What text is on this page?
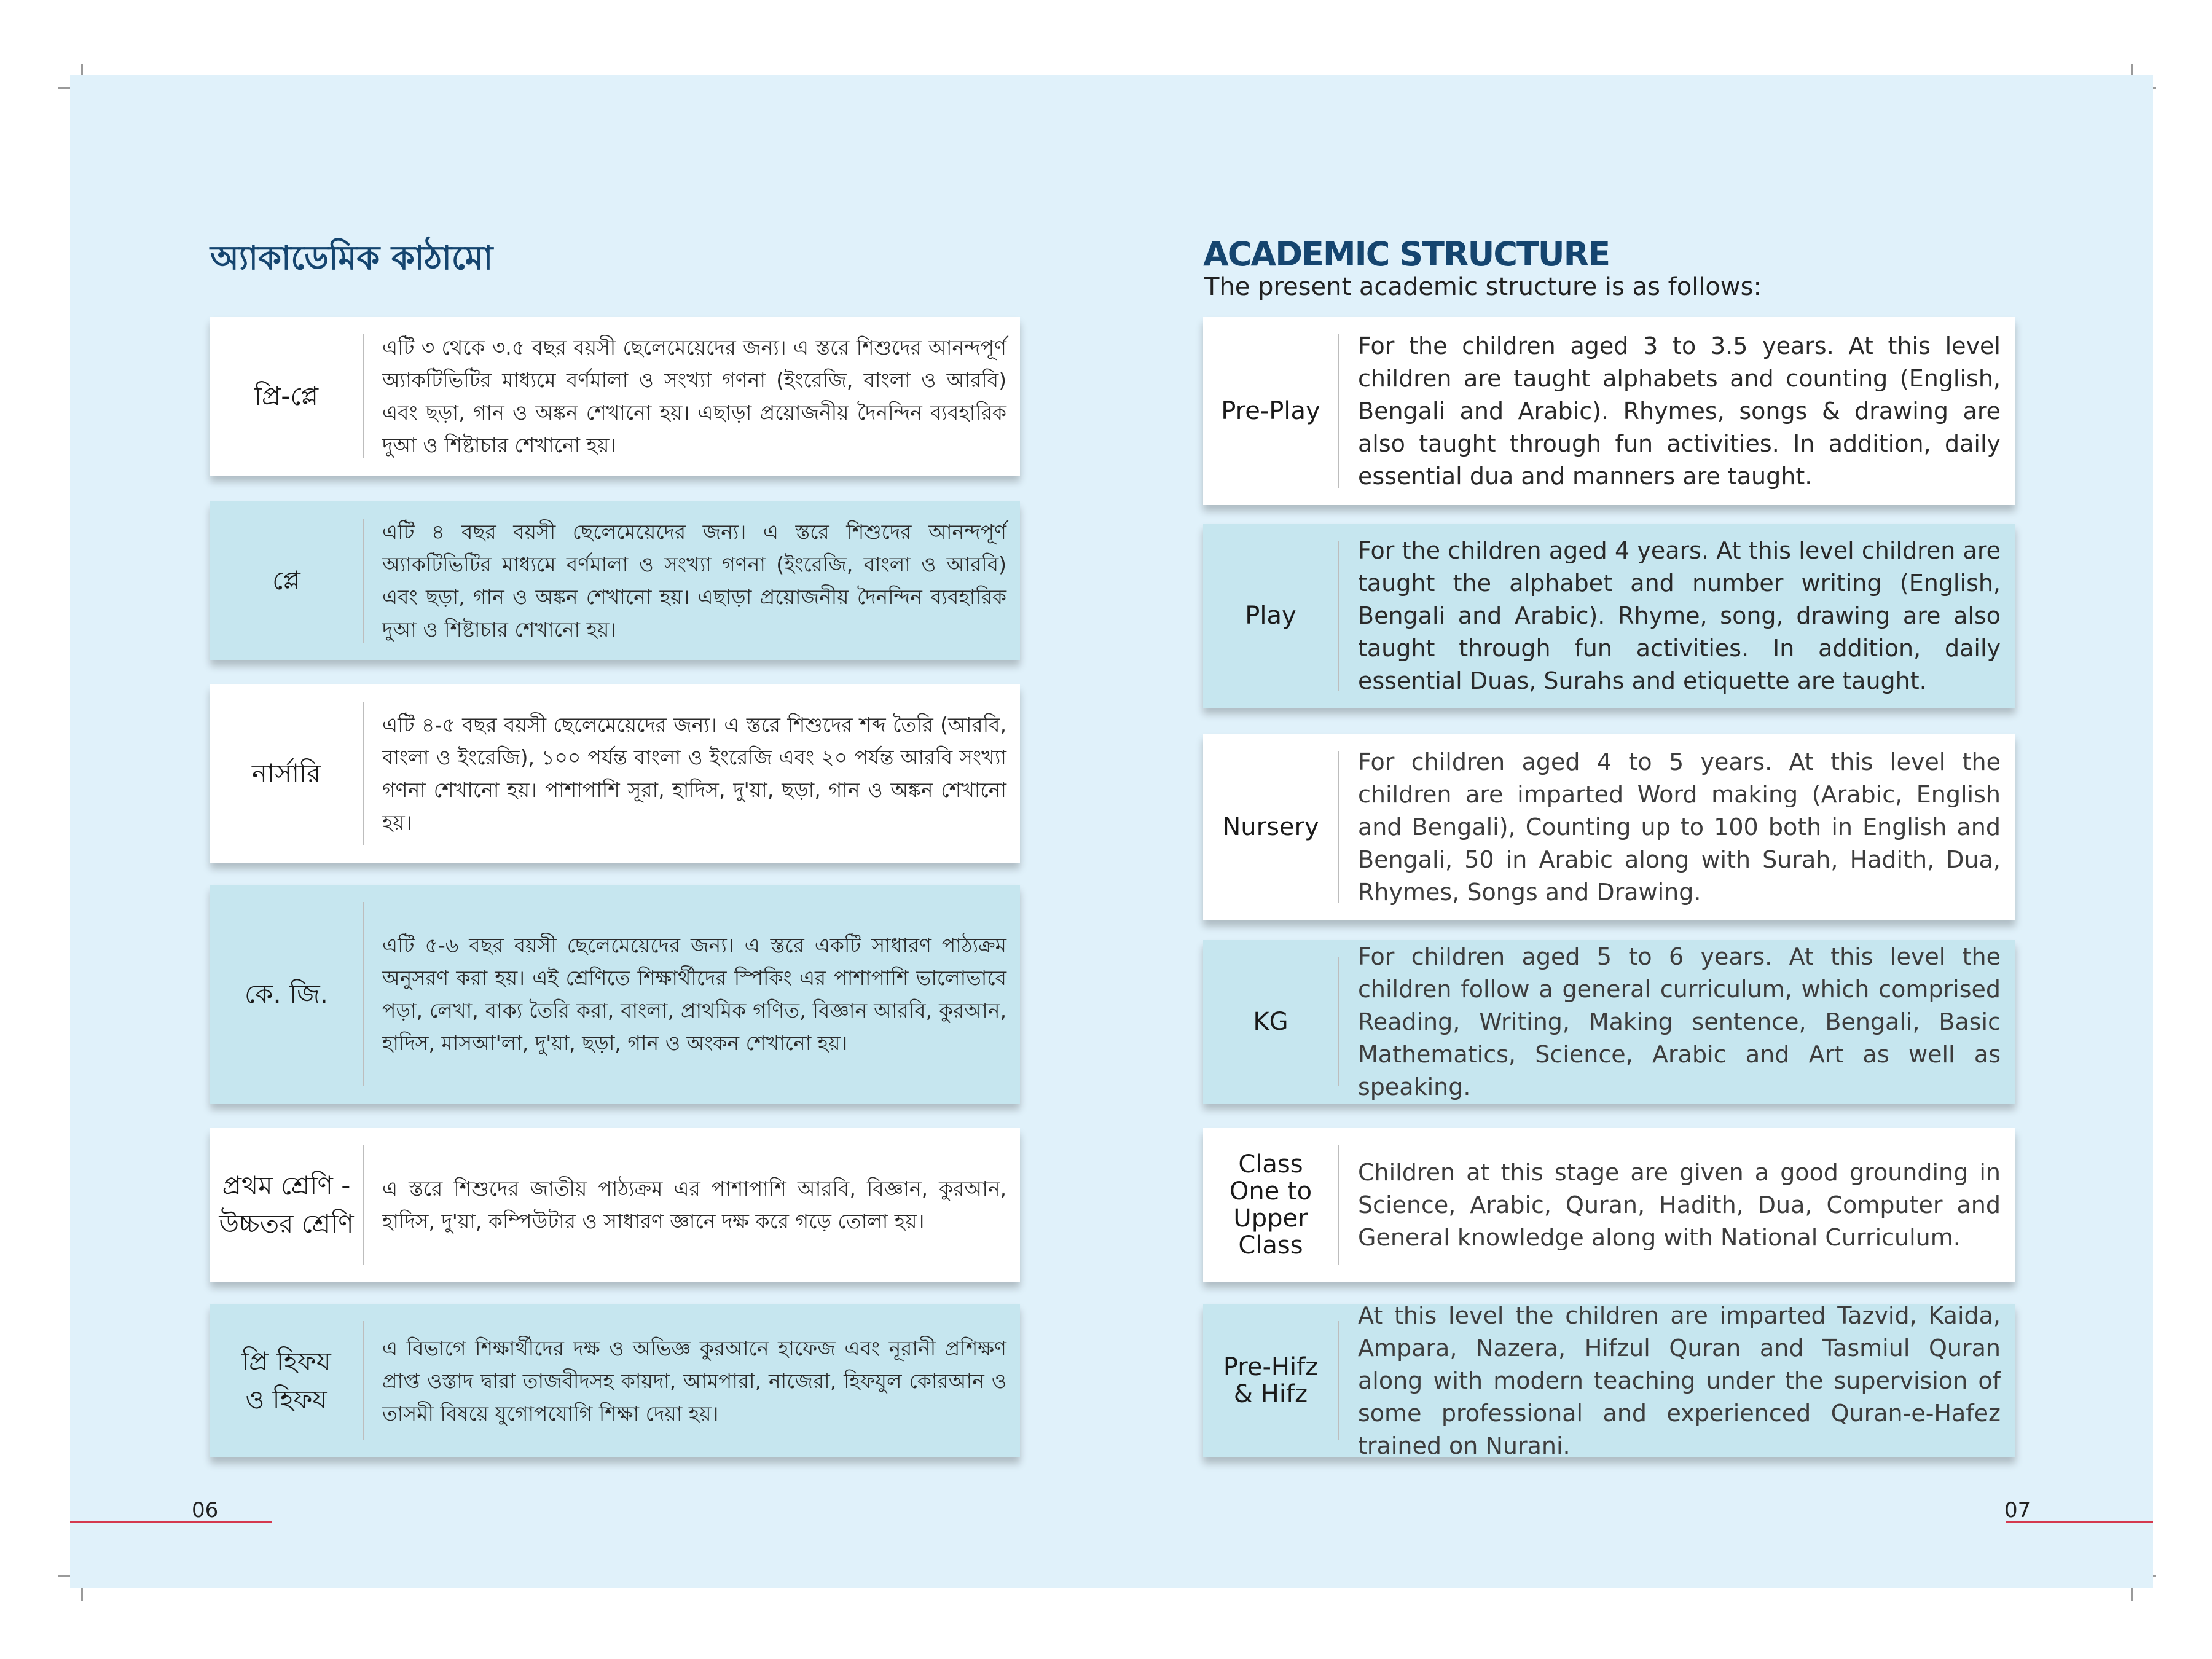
অ্যাকাডেমিক কাঠামো
প্রি-প্লে
এটি ৩ থেকে ৩.৫ বছর বয়সী ছেলেমেয়েদের জন্য। এ স্তরে শিশুদের আনন্দপূর্ণ অ্যাকটিভিটির মাধ্যমে বর্ণমালা ও সংখ্যা গণনা (ইংরেজি, বাংলা ও আরবি) এবং ছড়া, গান ও অঙ্কন শেখানো হয়। এছাড়া প্রয়োজনীয় দৈনন্দিন ব্যবহারিক দুআ ও শিষ্টাচার শেখানো হয়।
প্লে
এটি ৪ বছর বয়সী ছেলেমেয়েদের জন্য। এ স্তরে শিশুদের আনন্দপূর্ণ অ্যাকটিভিটির মাধ্যমে বর্ণমালা ও সংখ্যা গণনা (ইংরেজি, বাংলা ও আরবি) এবং ছড়া, গান ও অঙ্কন শেখানো হয়। এছাড়া প্রয়োজনীয় দৈনন্দিন ব্যবহারিক দুআ ও শিষ্টাচার শেখানো হয়।
নার্সারি
এটি ৪-৫ বছর বয়সী ছেলেমেয়েদের জন্য। এ স্তরে শিশুদের শব্দ তৈরি (আরবি, বাংলা ও ইংরেজি), ১০০ পর্যন্ত বাংলা ও ইংরেজি এবং ২০ পর্যন্ত আরবি সংখ্যা গণনা শেখানো হয়। পাশাপাশি সূরা, হাদিস, দু'য়া, ছড়া, গান ও অঙ্কন শেখানো হয়।
কে. জি.
এটি ৫-৬ বছর বয়সী ছেলেমেয়েদের জন্য। এ স্তরে একটি সাধারণ পাঠ্যক্রম অনুসরণ করা হয়। এই শ্রেণিতে শিক্ষার্থীদের স্পিকিং এর পাশাপাশি ভালোভাবে পড়া, লেখা, বাক্য তৈরি করা, বাংলা, প্রাথমিক গণিত, বিজ্ঞান আরবি, কুরআন, হাদিস, মাসআ'লা, দু'য়া, ছড়া, গান ও অংকন শেখানো হয়।
প্রথম শ্রেণি -
উচ্চতর শ্রেণি
এ স্তরে শিশুদের জাতীয় পাঠ্যক্রম এর পাশাপাশি আরবি, বিজ্ঞান, কুরআন, হাদিস, দু'য়া, কম্পিউটার ও সাধারণ জ্ঞানে দক্ষ করে গড়ে তোলা হয়।
প্রি হিফয
ও হিফয
এ বিভাগে শিক্ষার্থীদের দক্ষ ও অভিজ্ঞ কুরআনে হাফেজ এবং নূরানী প্রশিক্ষণ প্রাপ্ত ওস্তাদ দ্বারা তাজবীদসহ কায়দা, আমপারা, নাজেরা, হিফযুল কোরআন ও তাসমী বিষয়ে যুগোপযোগি শিক্ষা দেয়া হয়।

06

ACADEMIC STRUCTURE

The present academic structure is as follows:

Pre-Play
For the children aged 3 to 3.5 years. At this level children are taught alphabets and counting (English, Bengali and Arabic). Rhymes, songs & drawing are also taught through fun activities. In addition, daily essential dua and manners are taught.
Play
For the children aged 4 years. At this level children are taught the alphabet and number writing (English, Bengali and Arabic). Rhyme, song, drawing are also taught through fun activities. In addition, daily essential Duas, Surahs and etiquette are taught.
Nursery
For children aged 4 to 5 years. At this level the children are imparted Word making (Arabic, English and Bengali), Counting up to 100 both in English and Bengali, 50 in Arabic along with Surah, Hadith, Dua, Rhymes, Songs and Drawing.
KG
For children aged 5 to 6 years. At this level the children follow a general curriculum, which comprised Reading, Writing, Making sentence, Bengali, Basic Mathematics, Science, Arabic and Art as well as speaking.
Class
One to
Upper
Class
Children at this stage are given a good grounding in Science, Arabic, Quran, Hadith, Dua, Computer and General knowledge along with National Curriculum.
Pre-Hifz
& Hifz
At this level the children are imparted Tazvid, Kaida, Ampara, Nazera, Hifzul Quran and Tasmiul Quran along with modern teaching under the supervision of some professional and experienced Quran-e-Hafez trained on Nurani.

07
